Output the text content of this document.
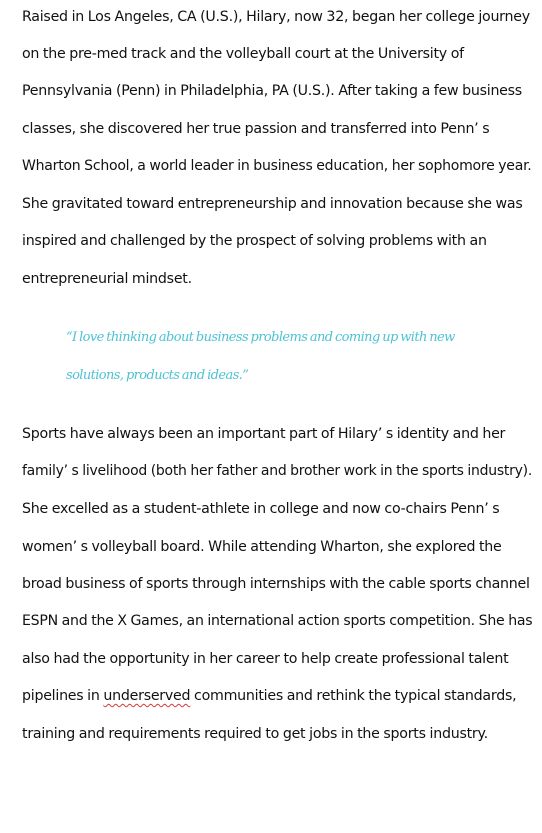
Raised in Los Angeles, CA (U.S.), Hilary, now 32, began her college journey
on the pre-med track and the volleyball court at the University of
Pennsylvania (Penn) in Philadelphia, PA (U.S.). After taking a few business
classes, she discovered her true passion and transferred into Penn’ s
Wharton School, a world leader in business education, her sophomore year.
She gravitated toward entrepreneurship and innovation because she was
inspired and challenged by the prospect of solving problems with an
entrepreneurial mindset.
“I love thinking about business problems and coming up with new
solutions, products and ideas.”
Sports have always been an important part of Hilary’ s identity and her
family’ s livelihood (both her father and brother work in the sports industry).
She excelled as a student-athlete in college and now co-chairs Penn’ s
women’ s volleyball board. While attending Wharton, she explored the
broad business of sports through internships with the cable sports channel
ESPN and the X Games, an international action sports competition. She has
also had the opportunity in her career to help create professional talent
pipelines in underserved communities and rethink the typical standards,
training and requirements required to get jobs in the sports industry.
